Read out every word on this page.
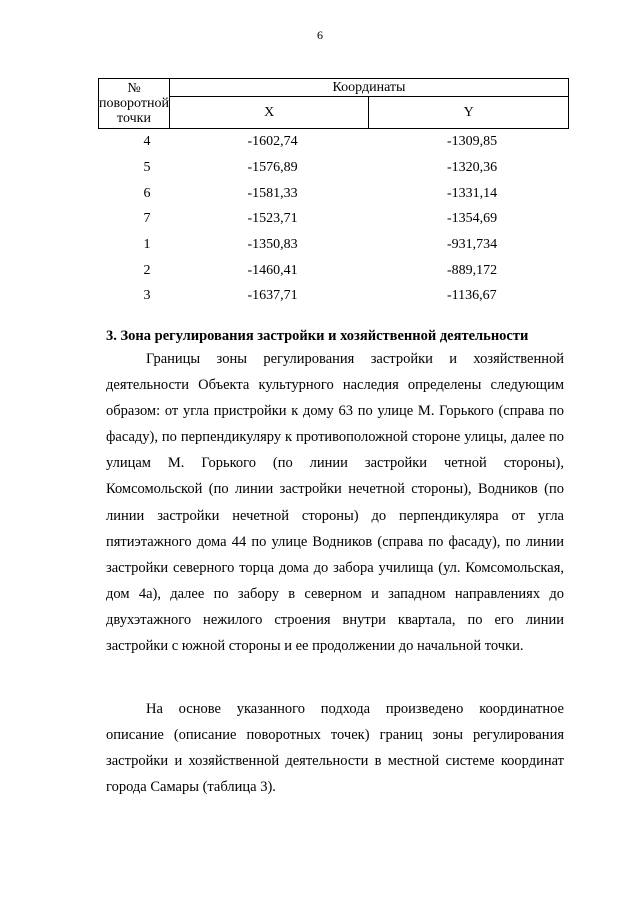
6
№ поворотной точки	Координаты	
	X	Y
4	-1602,74	-1309,85
5	-1576,89	-1320,36
6	-1581,33	-1331,14
7	-1523,71	-1354,69
1	-1350,83	-931,734
2	-1460,41	-889,172
3	-1637,71	-1136,67
3. Зона регулирования застройки и хозяйственной деятельности
Границы зоны регулирования застройки и хозяйственной деятельности Объекта культурного наследия определены следующим образом: от угла пристройки к дому 63 по улице М. Горького (справа по фасаду), по перпендикуляру к противоположной стороне улицы, далее по улицам М. Горького (по линии застройки четной стороны), Комсомольской (по линии застройки нечетной стороны), Водников (по линии застройки нечетной стороны) до перпендикуляра от угла пятиэтажного дома 44 по улице Водников (справа по фасаду), по линии застройки северного торца дома до забора училища (ул. Комсомольская, дом 4а), далее по забору в северном и западном направлениях до двухэтажного нежилого строения внутри квартала, по его линии застройки с южной стороны и ее продолжении до начальной точки.
На основе указанного подхода произведено координатное описание (описание поворотных точек) границ зоны регулирования застройки и хозяйственной деятельности в местной системе координат города Самары (таблица 3).
